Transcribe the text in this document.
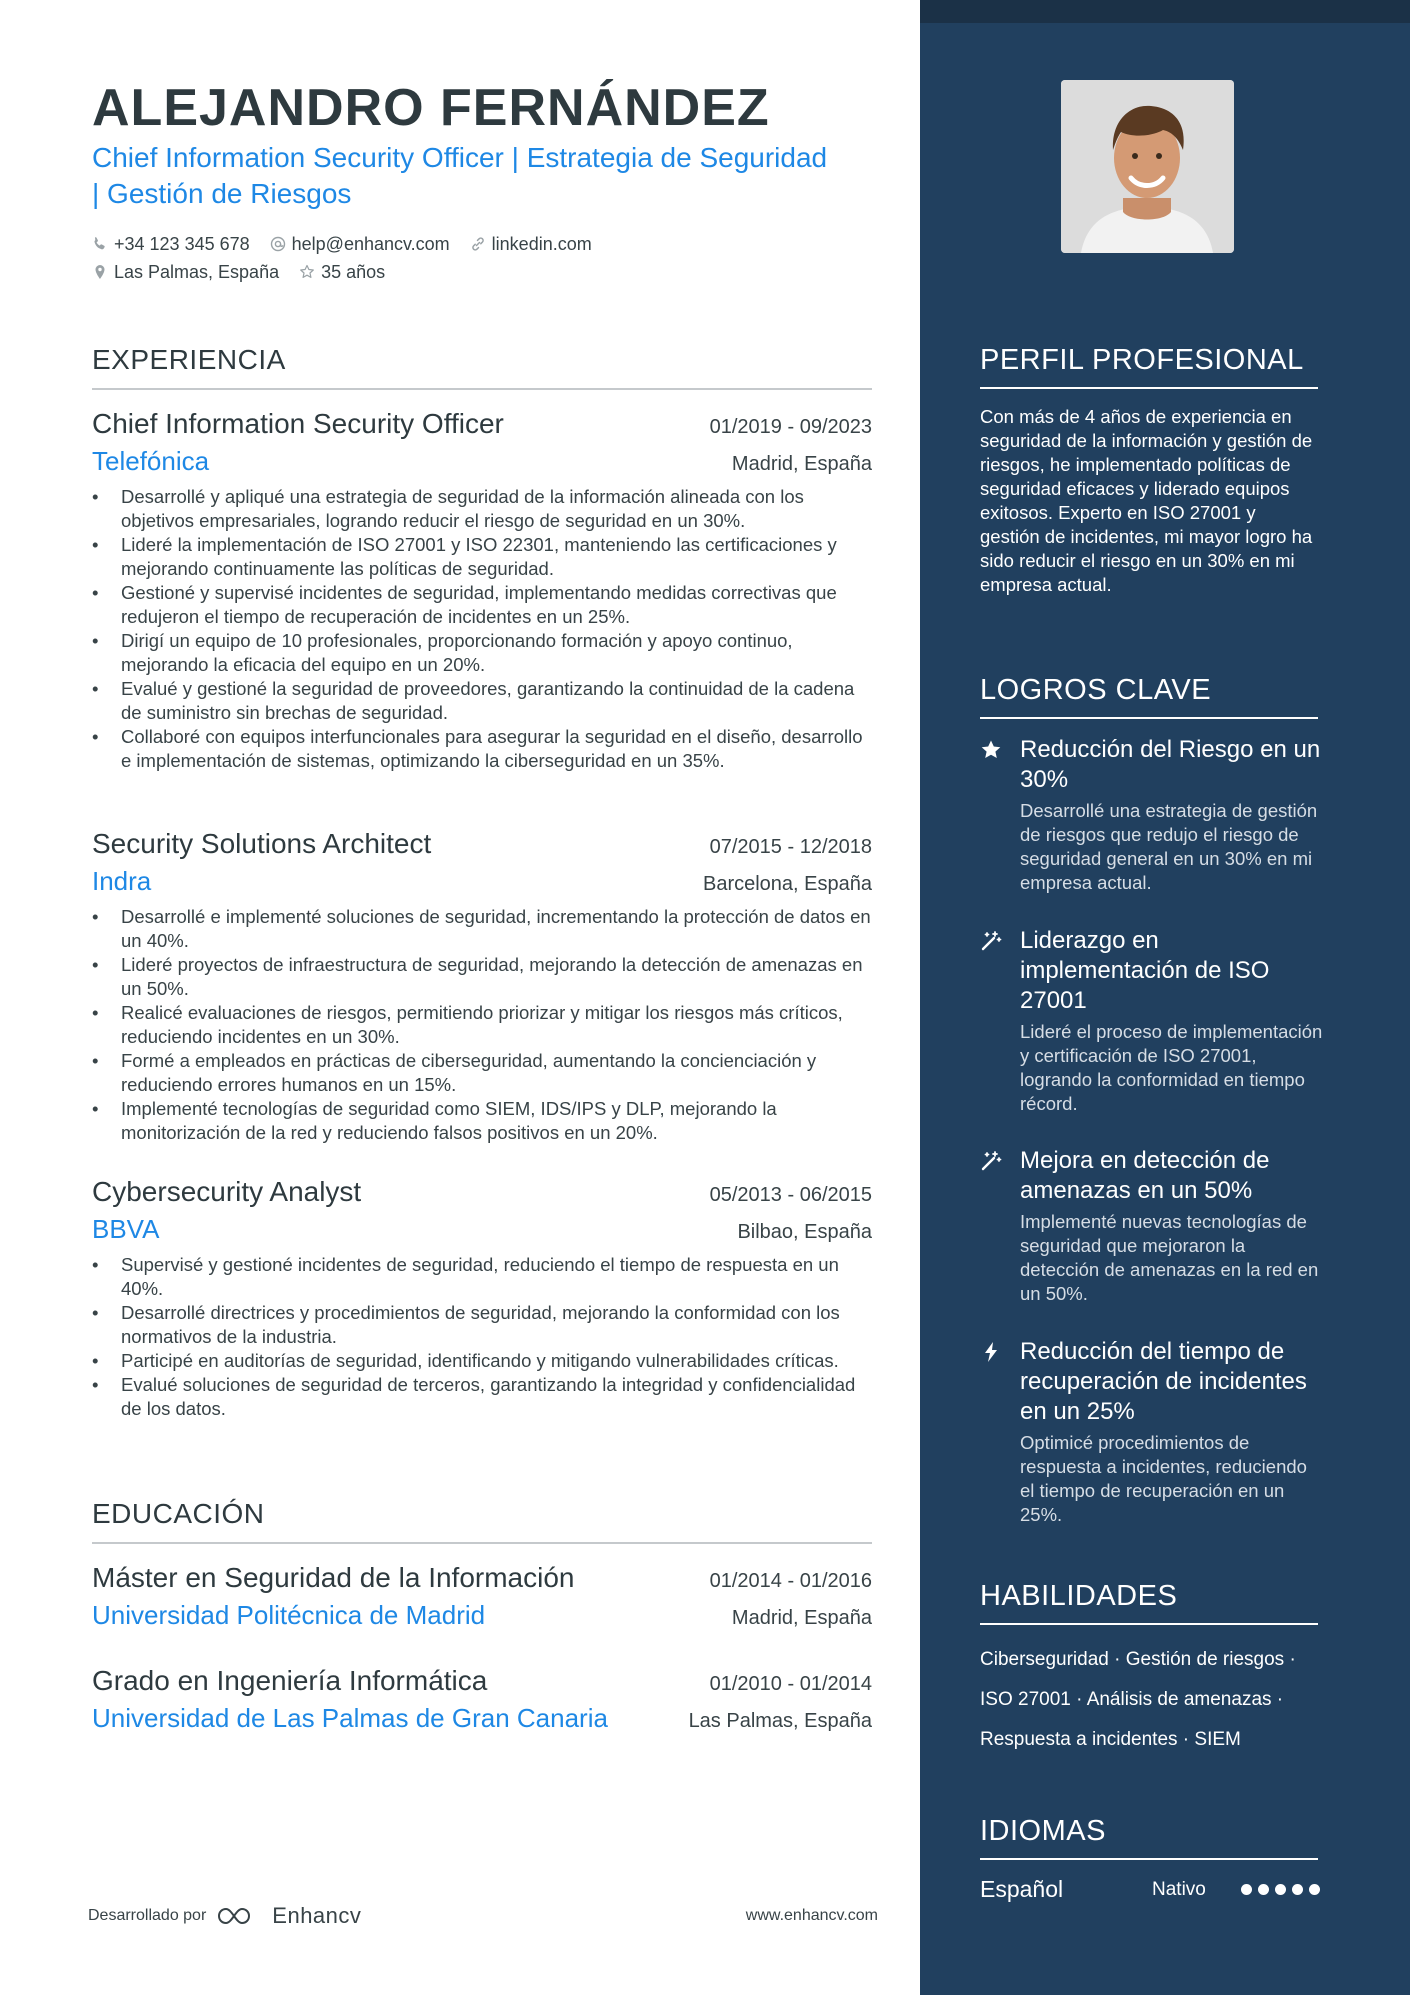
ALEJANDRO FERNÁNDEZ
Chief Information Security Officer | Estrategia de Seguridad | Gestión de Riesgos
+34 123 345 678 help@enhancv.com linkedin.com
Las Palmas, España 35 años
EXPERIENCIA
Chief Information Security Officer	01/2019 - 09/2023
Telefónica	Madrid, España
• Desarrollé y apliqué una estrategia de seguridad de la información alineada con los objetivos empresariales, logrando reducir el riesgo de seguridad en un 30%.
• Lideré la implementación de ISO 27001 y ISO 22301, manteniendo las certificaciones y mejorando continuamente las políticas de seguridad.
• Gestioné y supervisé incidentes de seguridad, implementando medidas correctivas que redujeron el tiempo de recuperación de incidentes en un 25%.
• Dirigí un equipo de 10 profesionales, proporcionando formación y apoyo continuo, mejorando la eficacia del equipo en un 20%.
• Evalué y gestioné la seguridad de proveedores, garantizando la continuidad de la cadena de suministro sin brechas de seguridad.
• Collaboré con equipos interfuncionales para asegurar la seguridad en el diseño, desarrollo e implementación de sistemas, optimizando la ciberseguridad en un 35%.
Security Solutions Architect	07/2015 - 12/2018
Indra	Barcelona, España
• Desarrollé e implementé soluciones de seguridad, incrementando la protección de datos en un 40%.
• Lideré proyectos de infraestructura de seguridad, mejorando la detección de amenazas en un 50%.
• Realicé evaluaciones de riesgos, permitiendo priorizar y mitigar los riesgos más críticos, reduciendo incidentes en un 30%.
• Formé a empleados en prácticas de ciberseguridad, aumentando la concienciación y reduciendo errores humanos en un 15%.
• Implementé tecnologías de seguridad como SIEM, IDS/IPS y DLP, mejorando la monitorización de la red y reduciendo falsos positivos en un 20%.
Cybersecurity Analyst	05/2013 - 06/2015
BBVA	Bilbao, España
• Supervisé y gestioné incidentes de seguridad, reduciendo el tiempo de respuesta en un 40%.
• Desarrollé directrices y procedimientos de seguridad, mejorando la conformidad con los normativos de la industria.
• Participé en auditorías de seguridad, identificando y mitigando vulnerabilidades críticas.
• Evalué soluciones de seguridad de terceros, garantizando la integridad y confidencialidad de los datos.
EDUCACIÓN
Máster en Seguridad de la Información	01/2014 - 01/2016
Universidad Politécnica de Madrid	Madrid, España
Grado en Ingeniería Informática	01/2010 - 01/2014
Universidad de Las Palmas de Gran Canaria	Las Palmas, España
Desarrollado por	Enhancv	www.enhancv.com
PERFIL PROFESIONAL
Con más de 4 años de experiencia en seguridad de la información y gestión de riesgos, he implementado políticas de seguridad eficaces y liderado equipos exitosos. Experto en ISO 27001 y gestión de incidentes, mi mayor logro ha sido reducir el riesgo en un 30% en mi empresa actual.
LOGROS CLAVE
Reducción del Riesgo en un 30%
Desarrollé una estrategia de gestión de riesgos que redujo el riesgo de seguridad general en un 30% en mi empresa actual.
Liderazgo en implementación de ISO 27001
Lideré el proceso de implementación y certificación de ISO 27001, logrando la conformidad en tiempo récord.
Mejora en detección de amenazas en un 50%
Implementé nuevas tecnologías de seguridad que mejoraron la detección de amenazas en la red en un 50%.
Reducción del tiempo de recuperación de incidentes en un 25%
Optimicé procedimientos de respuesta a incidentes, reduciendo el tiempo de recuperación en un 25%.
HABILIDADES
Ciberseguridad · Gestión de riesgos ·
ISO 27001 · Análisis de amenazas ·
Respuesta a incidentes · SIEM
IDIOMAS
Español	Nativo
